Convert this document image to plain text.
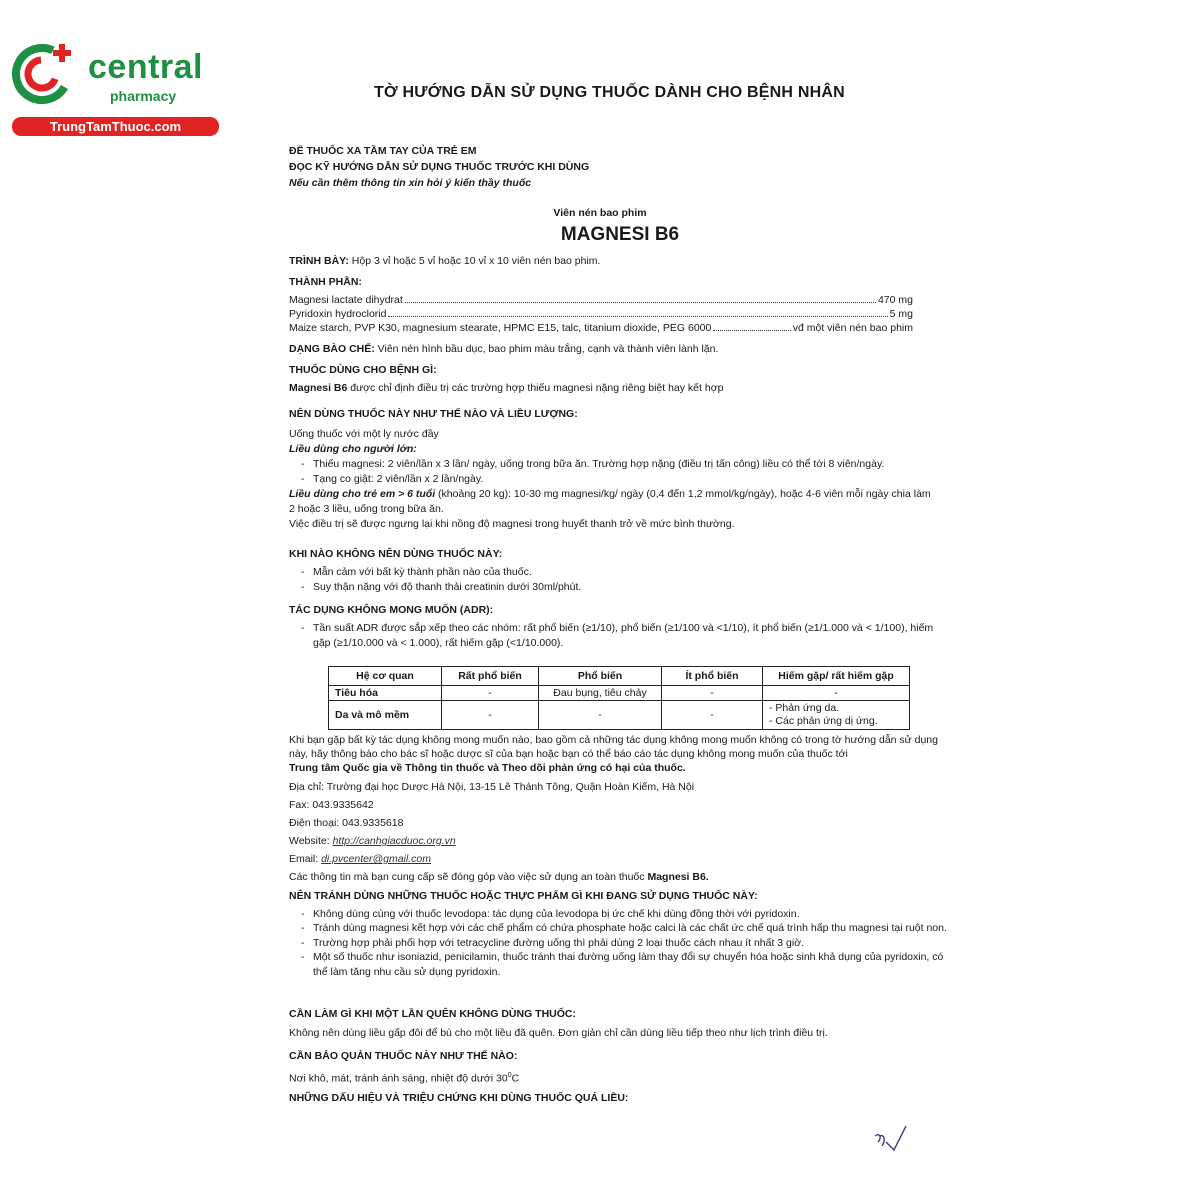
central
pharmacy
TrungTamThuoc.com
TỜ HƯỚNG DẪN SỬ DỤNG THUỐC DÀNH CHO BỆNH NHÂN
ĐỂ THUỐC XA TẦM TAY CỦA TRẺ EM
ĐỌC KỸ HƯỚNG DẪN SỬ DỤNG THUỐC TRƯỚC KHI DÙNG
Nếu cần thêm thông tin xin hỏi ý kiến thầy thuốc
Viên nén bao phim
MAGNESI B6
TRÌNH BÀY: Hộp 3 vỉ hoặc 5 vỉ hoặc 10 vỉ x 10 viên nén bao phim.
THÀNH PHẦN:
Magnesi lactate dihydrat	470 mg
Pyridoxin hydroclorid	5 mg
Maize starch, PVP K30, magnesium stearate, HPMC E15, talc, titanium dioxide, PEG 6000	vđ một viên nén bao phim
DẠNG BÀO CHẾ: Viên nén hình bầu dục, bao phim màu trắng, cạnh và thành viên lành lặn.
THUỐC DÙNG CHO BỆNH GÌ:
Magnesi B6 được chỉ định điều trị các trường hợp thiếu magnesi nặng riêng biệt hay kết hợp
NÊN DÙNG THUỐC NÀY NHƯ THẾ NÀO VÀ LIỀU LƯỢNG:
Uống thuốc với một ly nước đầy
Liều dùng cho người lớn:
- Thiếu magnesi: 2 viên/lần x 3 lần/ ngày, uống trong bữa ăn. Trường hợp nặng (điều trị tấn công) liều có thể tới 8 viên/ngày.
- Tạng co giật: 2 viên/lần x 2 lần/ngày.
Liều dùng cho trẻ em > 6 tuổi (khoảng 20 kg): 10-30 mg magnesi/kg/ ngày (0,4 đến 1,2 mmol/kg/ngày), hoặc 4-6 viên mỗi ngày chia làm 2 hoặc 3 liều, uống trong bữa ăn.
Việc điều trị sẽ được ngưng lại khi nồng độ magnesi trong huyết thanh trở về mức bình thường.
KHI NÀO KHÔNG NÊN DÙNG THUỐC NÀY:
- Mẫn cảm với bất kỳ thành phần nào của thuốc.
- Suy thận nặng với độ thanh thải creatinin dưới 30ml/phút.
TÁC DỤNG KHÔNG MONG MUỐN (ADR):
- Tần suất ADR được sắp xếp theo các nhóm: rất phổ biến (≥1/10), phổ biến (≥1/100 và <1/10), ít phổ biến (≥1/1.000 và < 1/100), hiếm gặp (≥1/10.000 và < 1.000), rất hiếm gặp (<1/10.000).
Hệ cơ quan	Rất phổ biến	Phổ biến	Ít phổ biến	Hiếm gặp/ rất hiếm gặp
Tiêu hóa	-	Đau bụng, tiêu chảy	-	-
Da và mô mềm	-	-	-	- Phản ứng da.
- Các phản ứng dị ứng.
Khi bạn gặp bất kỳ tác dụng không mong muốn nào, bao gồm cả những tác dụng không mong muốn không có trong tờ hướng dẫn sử dụng này, hãy thông báo cho bác sĩ hoặc dược sĩ của bạn hoặc bạn có thể báo cáo tác dụng không mong muốn của thuốc tới
Trung tâm Quốc gia về Thông tin thuốc và Theo dõi phản ứng có hại của thuốc.
Địa chỉ: Trường đại học Dược Hà Nội, 13-15 Lê Thánh Tông, Quận Hoàn Kiếm, Hà Nội
Fax: 043.9335642
Điện thoại: 043.9335618
Website: http://canhgiacduoc.org.vn
Email: di.pvcenter@gmail.com
Các thông tin mà bạn cung cấp sẽ đóng góp vào việc sử dụng an toàn thuốc Magnesi B6.
NÊN TRÁNH DÙNG NHỮNG THUỐC HOẶC THỰC PHẨM GÌ KHI ĐANG SỬ DỤNG THUỐC NÀY:
- Không dùng cùng với thuốc levodopa: tác dụng của levodopa bị ức chế khi dùng đồng thời với pyridoxin.
- Tránh dùng magnesi kết hợp với các chế phẩm có chứa phosphate hoặc calci là các chất ức chế quá trình hấp thu magnesi tại ruột non.
- Trường hợp phải phối hợp với tetracycline đường uống thì phải dùng 2 loại thuốc cách nhau ít nhất 3 giờ.
- Một số thuốc như isoniazid, penicilamin, thuốc tránh thai đường uống làm thay đổi sự chuyển hóa hoặc sinh khả dụng của pyridoxin, có thể làm tăng nhu cầu sử dụng pyridoxin.
CẦN LÀM GÌ KHI MỘT LẦN QUÊN KHÔNG DÙNG THUỐC:
Không nên dùng liều gấp đôi để bù cho một liều đã quên. Đơn giản chỉ cần dùng liều tiếp theo như lịch trình điều trị.
CẦN BẢO QUẢN THUỐC NÀY NHƯ THẾ NÀO:
Nơi khô, mát, tránh ánh sáng, nhiệt độ dưới $30^0C$
NHỮNG DẤU HIỆU VÀ TRIỆU CHỨNG KHI DÙNG THUỐC QUÁ LIỀU:
